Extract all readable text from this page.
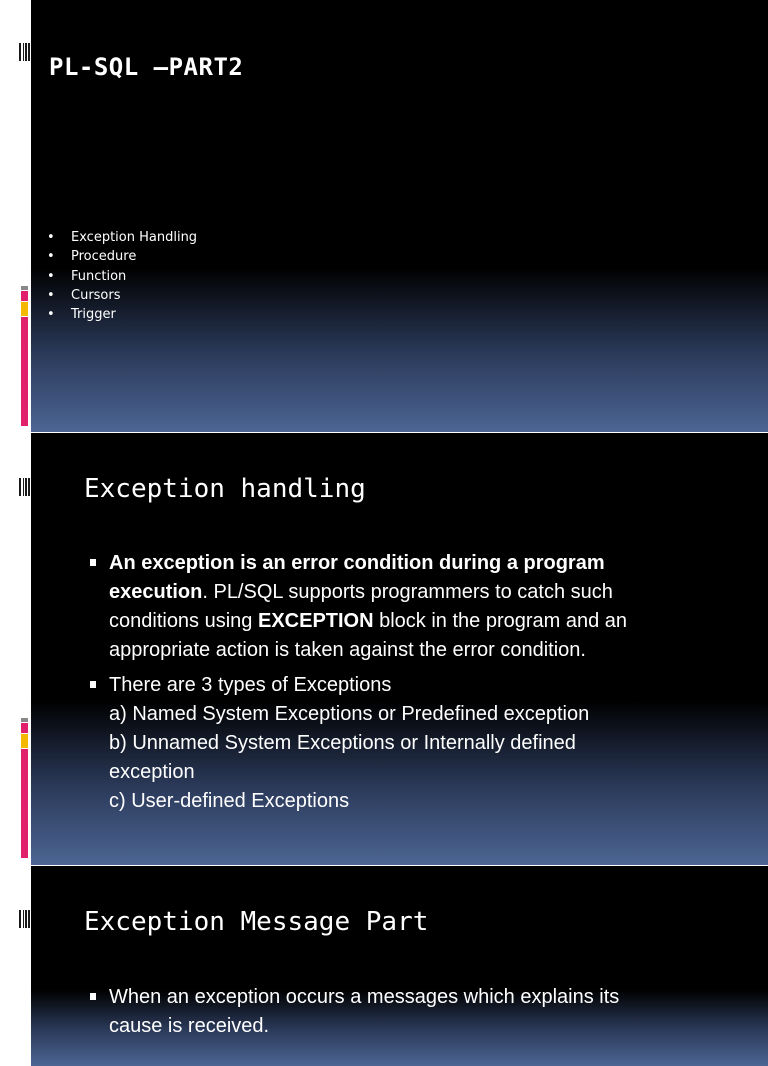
PL-SQL –PART2
• Exception Handling
• Procedure
• Function
• Cursors
• Trigger
Exception handling
An exception is an error condition during a program
execution. PL/SQL supports programmers to catch such
conditions using EXCEPTION block in the program and an
appropriate action is taken against the error condition.
There are 3 types of Exceptions
a) Named System Exceptions or Predefined exception
b) Unnamed System Exceptions or Internally defined
exception
c) User-defined Exceptions
Exception Message Part
When an exception occurs a messages which explains its
cause is received.
